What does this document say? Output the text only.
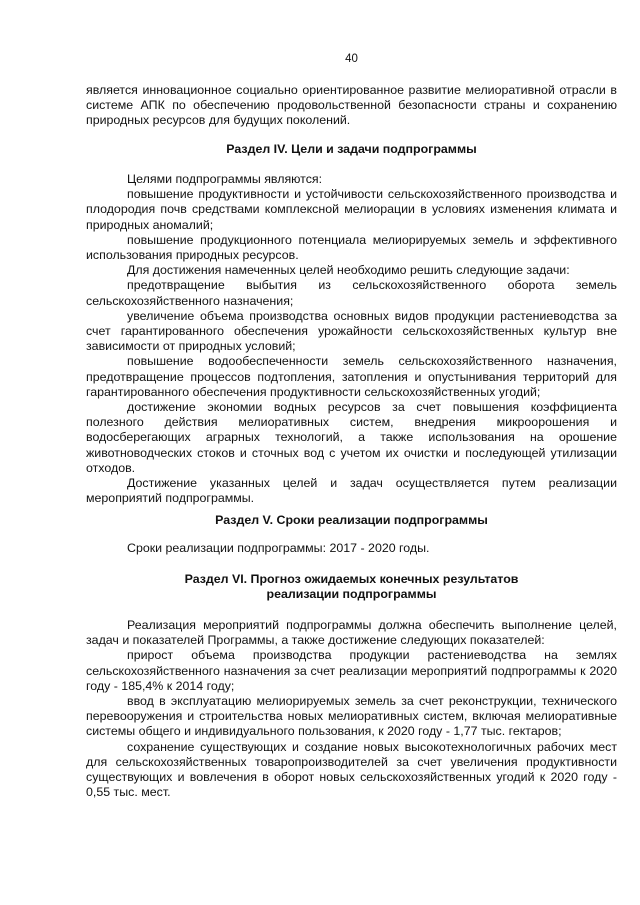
40

является инновационное социально ориентированное развитие мелиоративной отрасли в системе АПК по обеспечению продовольственной безопасности страны и сохранению природных ресурсов для будущих поколений.

Раздел IV. Цели и задачи подпрограммы

Целями подпрограммы являются:

повышение продуктивности и устойчивости сельскохозяйственного производства и плодородия почв средствами комплексной мелиорации в условиях изменения климата и природных аномалий;

повышение продукционного потенциала мелиорируемых земель и эффективного использования природных ресурсов.

Для достижения намеченных целей необходимо решить следующие задачи:

предотвращение выбытия из сельскохозяйственного оборота земель сельскохозяйственного назначения;

увеличение объема производства основных видов продукции растениеводства за счет гарантированного обеспечения урожайности сельскохозяйственных культур вне зависимости от природных условий;

повышение водообеспеченности земель сельскохозяйственного назначения, предотвращение процессов подтопления, затопления и опустынивания территорий для гарантированного обеспечения продуктивности сельскохозяйственных угодий;

достижение экономии водных ресурсов за счет повышения коэффициента полезного действия мелиоративных систем, внедрения микроорошения и водосберегающих аграрных технологий, а также использования на орошение животноводческих стоков и сточных вод с учетом их очистки и последующей утилизации отходов.

Достижение указанных целей и задач осуществляется путем реализации мероприятий подпрограммы.

Раздел V. Сроки реализации подпрограммы

Сроки реализации подпрограммы: 2017 - 2020 годы.

Раздел VI. Прогноз ожидаемых конечных результатов

реализации подпрограммы

Реализация мероприятий подпрограммы должна обеспечить выполнение целей, задач и показателей Программы, а также достижение следующих показателей:

прирост объема производства продукции растениеводства на землях сельскохозяйственного назначения за счет реализации мероприятий подпрограммы к 2020 году - 185,4% к 2014 году;

ввод в эксплуатацию мелиорируемых земель за счет реконструкции, технического перевооружения и строительства новых мелиоративных систем, включая мелиоративные системы общего и индивидуального пользования, к 2020 году - 1,77 тыс. гектаров;

сохранение существующих и создание новых высокотехнологичных рабочих мест для сельскохозяйственных товаропроизводителей за счет увеличения продуктивности существующих и вовлечения в оборот новых сельскохозяйственных угодий к 2020 году - 0,55 тыс. мест.
